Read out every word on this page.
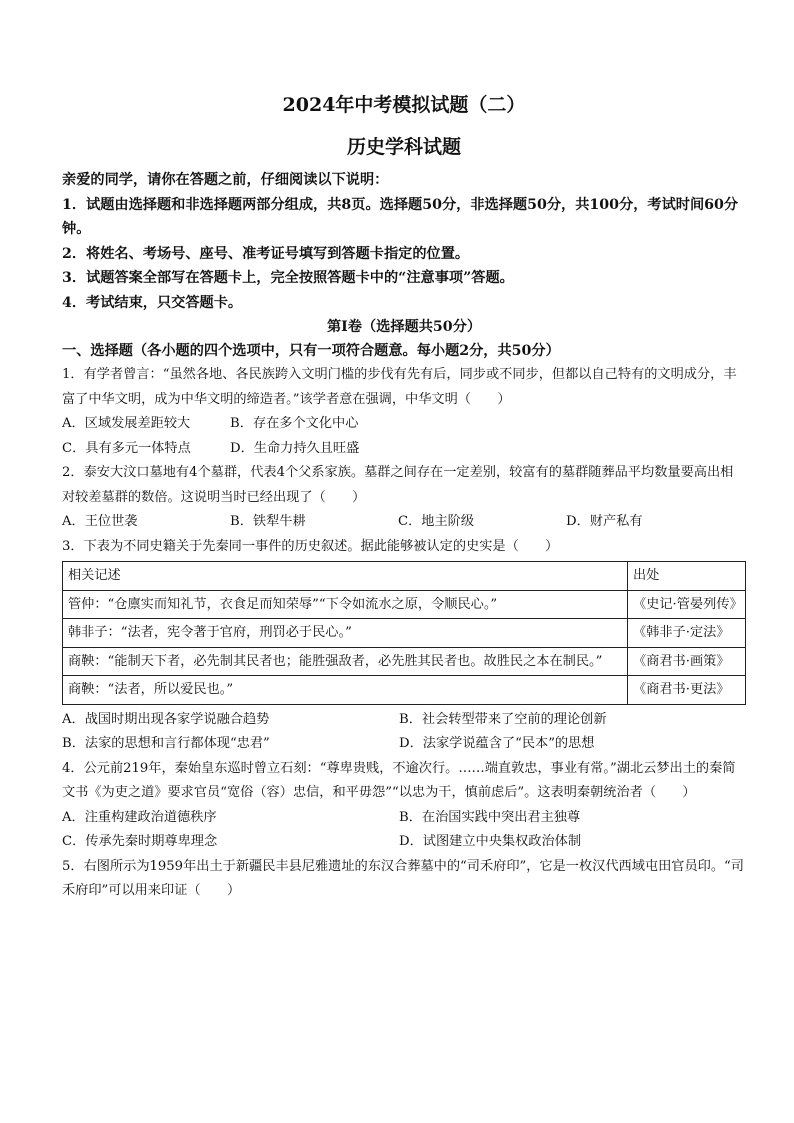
2024年中考模拟试题（二）
历史学科试题

亲爱的同学，请你在答题之前，仔细阅读以下说明：

1．试题由选择题和非选择题两部分组成，共8页。选择题50分，非选择题50分，共100分，考试时间60分钟。

2．将姓名、考场号、座号、准考证号填写到答题卡指定的位置。

3．试题答案全部写在答题卡上，完全按照答题卡中的“注意事项”答题。

4．考试结束，只交答题卡。

第Ⅰ卷（选择题共50分）
一、选择题（各小题的四个选项中，只有一项符合题意。每小题2分，共50分）

1．有学者曾言：“虽然各地、各民族跨入文明门槛的步伐有先有后，同步或不同步，但都以自己特有的文明成分，丰富了中华文明，成为中华文明的缔造者。”该学者意在强调，中华文明（　　）

A．区域发展差距较大	B．存在多个文化中心
C．具有多元一体特点	D．生命力持久且旺盛

2．泰安大汶口墓地有4个墓群，代表4个父系家族。墓群之间存在一定差别，较富有的墓群随葬品平均数量要高出相对较差墓群的数倍。这说明当时已经出现了（　　）

A．王位世袭	B．铁犁牛耕	C．地主阶级	D．财产私有

3．下表为不同史籍关于先秦同一事件的历史叙述。据此能够被认定的史实是（　　）

相关记述	出处
管仲：“仓廪实而知礼节，衣食足而知荣辱”“下令如流水之原，令顺民心。”	《史记·管晏列传》
韩非子：“法者，宪令著于官府，刑罚必于民心。”	《韩非子·定法》
商鞅：“能制天下者，必先制其民者也；能胜强敌者，必先胜其民者也。故胜民之本在制民。”	《商君书·画策》
商鞅：“法者，所以爱民也。”	《商君书·更法》
A．战国时期出现各家学说融合趋势	B．社会转型带来了空前的理论创新
B．法家的思想和言行都体现“忠君”	D．法家学说蕴含了“民本”的思想

4．公元前219年，秦始皇东巡时曾立石刻：“尊卑贵贱，不逾次行。……端直敦忠，事业有常。”湖北云梦出土的秦简文书《为吏之道》要求官员“宽俗（容）忠信，和平毋怨”“以忠为干，慎前虑后”。这表明秦朝统治者（　　）

A．注重构建政治道德秩序	B．在治国实践中突出君主独尊
C．传承先秦时期尊卑理念	D．试图建立中央集权政治体制

5．右图所示为1959年出土于新疆民丰县尼雅遗址的东汉合葬墓中的“司禾府印”，它是一枚汉代西域屯田官员印。“司禾府印”可以用来印证（　　）
